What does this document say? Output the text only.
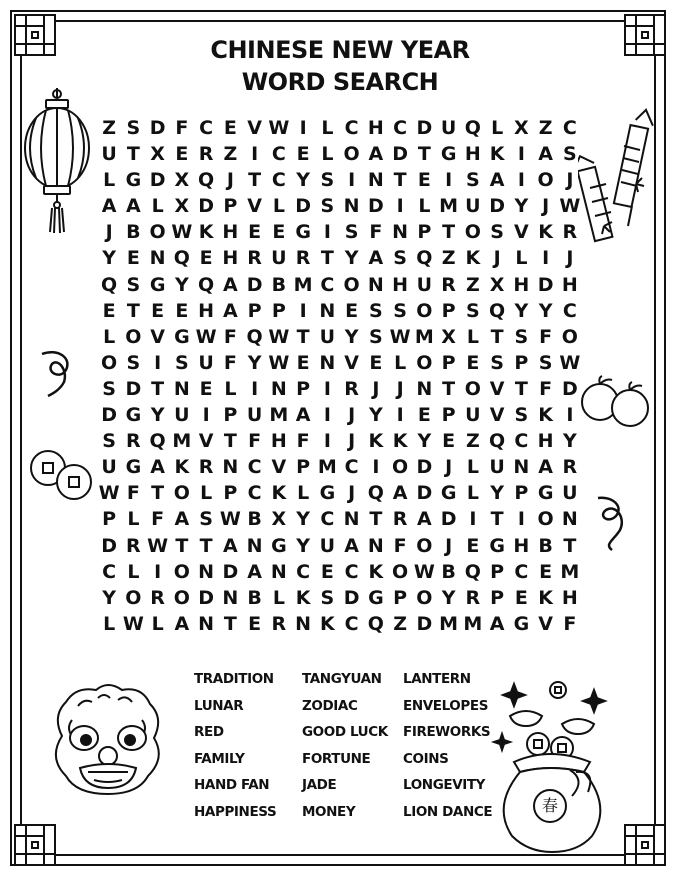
CHINESE NEW YEAR
WORD SEARCH
春
Z S D F C E V W I L C H C D U Q L X Z C
U T X E R Z I C E L O A D T G H K I A S
L G D X Q J T C Y S I N T E I S A I O J
A A L X D P V L D S N D I L M U D Y J W
J B O W K H E E G I S F N P T O S V K R
Y E N Q E H R U R T Y A S Q Z K J L I J
Q S G Y Q A D B M C O N H U R Z X H D H
E T E E H A P P I N E S S O P S Q Y Y C
L O V G W F Q W T U Y S W M X L T S F O
O S I S U F Y W E N V E L O P E S P S W
S D T N E L I N P I R J J N T O V T F D
D G Y U I P U M A I J Y I E P U V S K I
S R Q M V T F H F I J K K Y E Z Q C H Y
U G A K R N C V P M C I O D J L U N A R
W F T O L P C K L G J Q A D G L Y P G U
P L F A S W B X Y C N T R A D I T I O N
D R W T T A N G Y U A N F O J E G H B T
C L I O N D A N C E C K O W B Q P C E M
Y O R O D N B L K S D G P O Y R P E K H
L W L A N T E R N K C Q Z D M M A G V F
TRADITION
LUNAR
RED
FAMILY
HAND FAN
HAPPINESS
TANGYUAN
ZODIAC
GOOD LUCK
FORTUNE
JADE
MONEY
LANTERN
ENVELOPES
FIREWORKS
COINS
LONGEVITY
LION DANCE
